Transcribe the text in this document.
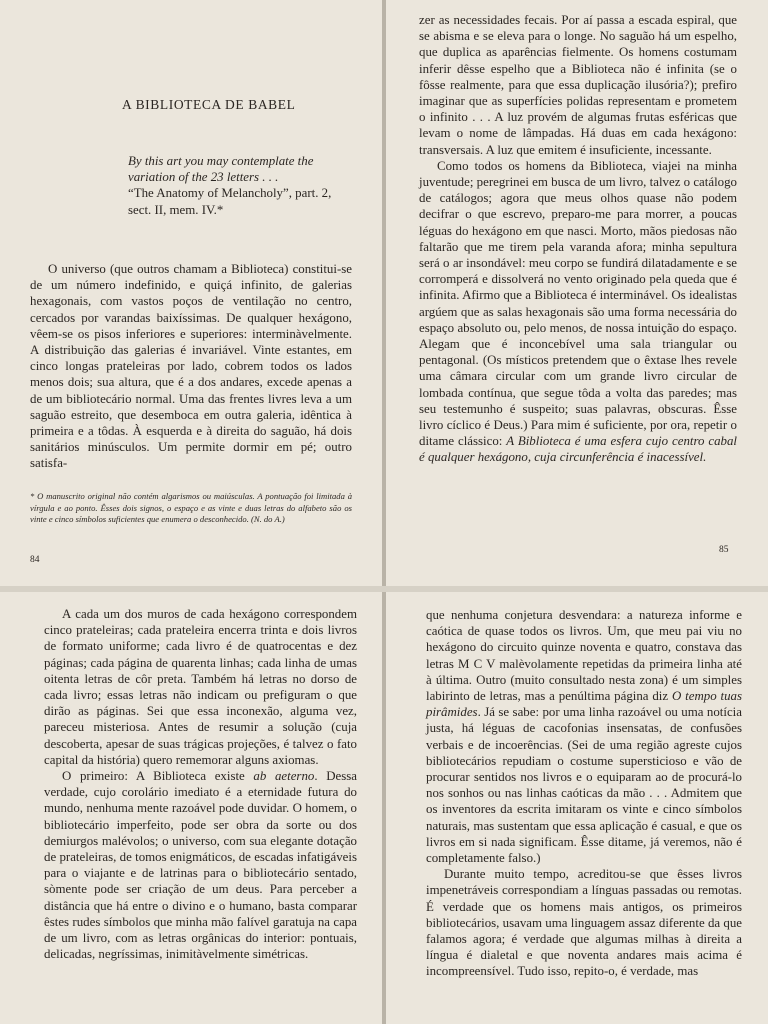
A BIBLIOTECA DE BABEL
By this art you may contemplate the variation of the 23 letters . . .
“The Anatomy of Melancholy”, part. 2, sect. II, mem. IV.*

O universo (que outros chamam a Biblioteca) constitui-se de um número indefinido, e quiçá infinito, de galerias hexagonais, com vastos poços de ventilação no centro, cercados por varandas baixíssimas. De qualquer hexágono, vêem-se os pisos inferiores e superiores: interminàvelmente. A distribuição das galerias é invariável. Vinte estantes, em cinco longas prateleiras por lado, cobrem todos os lados menos dois; sua altura, que é a dos andares, excede apenas a de um bibliotecário normal. Uma das frentes livres leva a um saguão estreito, que desemboca em outra galeria, idêntica à primeira e a tôdas. À esquerda e à direita do saguão, há dois sanitários minúsculos. Um permite dormir em pé; outro satisfa-

* O manuscrito original não contém algarismos ou maiúsculas. A pontuação foi limitada à vírgula e ao ponto. Êsses dois signos, o espaço e as vinte e duas letras do alfabeto são os vinte e cinco símbolos suficientes que enumera o desconhecido. (N. do A.)
84

zer as necessidades fecais. Por aí passa a escada espiral, que se abisma e se eleva para o longe. No saguão há um espelho, que duplica as aparências fielmente. Os homens costumam inferir dêsse espelho que a Biblioteca não é infinita (se o fôsse realmente, para que essa duplicação ilusória?); prefiro imaginar que as superfícies polidas representam e prometem o infinito . . . A luz provém de algumas frutas esféricas que levam o nome de lâmpadas. Há duas em cada hexágono: transversais. A luz que emitem é insuficiente, incessante.

Como todos os homens da Biblioteca, viajei na minha juventude; peregrinei em busca de um livro, talvez o catálogo de catálogos; agora que meus olhos quase não podem decifrar o que escrevo, preparo-me para morrer, a poucas léguas do hexágono em que nasci. Morto, mãos piedosas não faltarão que me tirem pela varanda afora; minha sepultura será o ar insondável: meu corpo se fundirá dilatadamente e se corromperá e dissolverá no vento originado pela queda que é infinita. Afirmo que a Biblioteca é interminável. Os idealistas argúem que as salas hexagonais são uma forma necessária do espaço absoluto ou, pelo menos, de nossa intuição do espaço. Alegam que é inconcebível uma sala triangular ou pentagonal. (Os místicos pretendem que o êxtase lhes revele uma câmara circular com um grande livro circular de lombada contínua, que segue tôda a volta das paredes; mas seu testemunho é suspeito; suas palavras, obscuras. Êsse livro cíclico é Deus.) Para mim é suficiente, por ora, repetir o ditame clássico: A Biblioteca é uma esfera cujo centro cabal é qualquer hexágono, cuja circunferência é inacessível.

85

A cada um dos muros de cada hexágono correspondem cinco prateleiras; cada prateleira encerra trinta e dois livros de formato uniforme; cada livro é de quatrocentas e dez páginas; cada página de quarenta linhas; cada linha de umas oitenta letras de côr preta. Também há letras no dorso de cada livro; essas letras não indicam ou prefiguram o que dirão as páginas. Sei que essa inconexão, alguma vez, pareceu misteriosa. Antes de resumir a solução (cuja descoberta, apesar de suas trágicas projeções, é talvez o fato capital da história) quero rememorar alguns axiomas.

O primeiro: A Biblioteca existe ab aeterno. Dessa verdade, cujo corolário imediato é a eternidade futura do mundo, nenhuma mente razoável pode duvidar. O homem, o bibliotecário imperfeito, pode ser obra da sorte ou dos demiurgos malévolos; o universo, com sua elegante dotação de prateleiras, de tomos enigmáticos, de escadas infatigáveis para o viajante e de latrinas para o bibliotecário sentado, sòmente pode ser criação de um deus. Para perceber a distância que há entre o divino e o humano, basta comparar êstes rudes símbolos que minha mão falível garatuja na capa de um livro, com as letras orgânicas do interior: pontuais, delicadas, negríssimas, inimitàvelmente simétricas.

que nenhuma conjetura desvendara: a natureza informe e caótica de quase todos os livros. Um, que meu pai viu no hexágono do circuito quinze noventa e quatro, constava das letras M C V malèvolamente repetidas da primeira linha até à última. Outro (muito consultado nesta zona) é um simples labirinto de letras, mas a penúltima página diz O tempo tuas pirâmides. Já se sabe: por uma linha razoável ou uma notícia justa, há léguas de cacofonias insensatas, de confusões verbais e de incoerências. (Sei de uma região agreste cujos bibliotecários repudiam o costume supersticioso e vão de procurar sentidos nos livros e o equiparam ao de procurá-lo nos sonhos ou nas linhas caóticas da mão . . . Admitem que os inventores da escrita imitaram os vinte e cinco símbolos naturais, mas sustentam que essa aplicação é casual, e que os livros em si nada significam. Êsse ditame, já veremos, não é completamente falso.)

Durante muito tempo, acreditou-se que êsses livros impenetráveis correspondiam a línguas passadas ou remotas. É verdade que os homens mais antigos, os primeiros bibliotecários, usavam uma linguagem assaz diferente da que falamos agora; é verdade que algumas milhas à direita a língua é dialetal e que noventa andares mais acima é incompreensível. Tudo isso, repito-o, é verdade, mas
